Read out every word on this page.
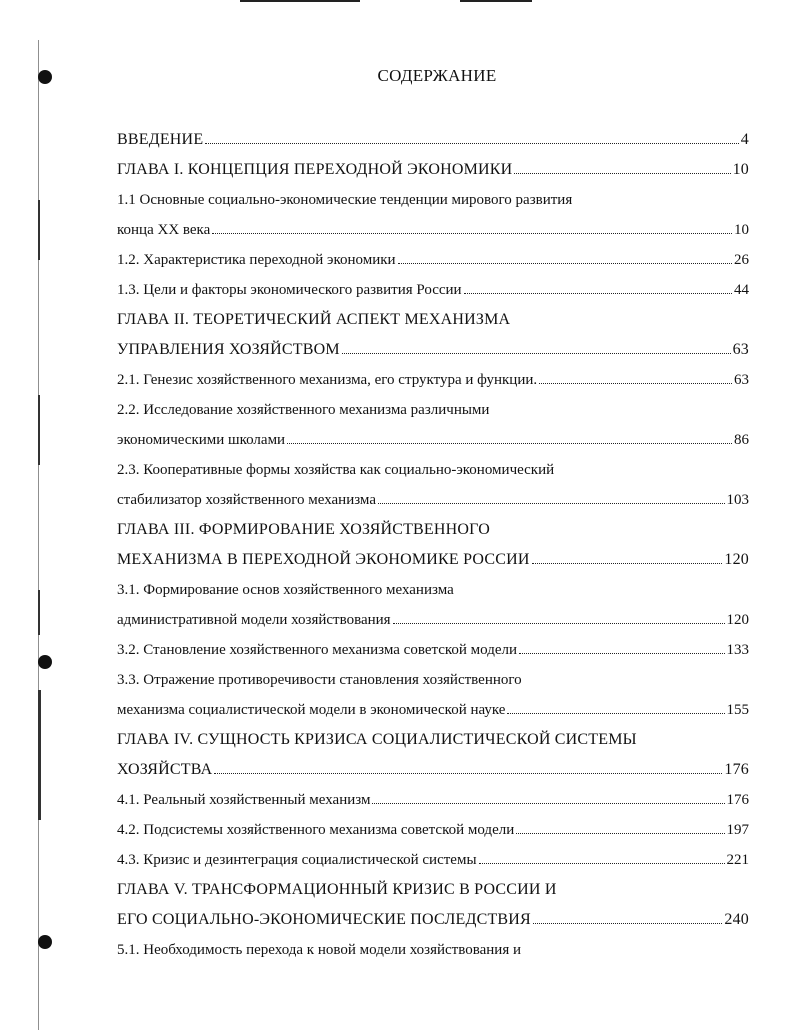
СОДЕРЖАНИЕ
ВВЕДЕНИЕ	4
ГЛАВА I. КОНЦЕПЦИЯ ПЕРЕХОДНОЙ ЭКОНОМИКИ	10
1.1 Основные социально-экономические тенденции мирового развития
конца XX века	10
1.2. Характеристика переходной экономики	26
1.3. Цели и факторы экономического развития России	44
ГЛАВА II. ТЕОРЕТИЧЕСКИЙ АСПЕКТ МЕХАНИЗМА
УПРАВЛЕНИЯ ХОЗЯЙСТВОМ	63
2.1. Генезис хозяйственного механизма, его структура и функции.	63
2.2. Исследование хозяйственного механизма различными
экономическими школами	86
2.3. Кооперативные формы хозяйства как социально-экономический
стабилизатор хозяйственного механизма	103
ГЛАВА III. ФОРМИРОВАНИЕ ХОЗЯЙСТВЕННОГО
МЕХАНИЗМА В ПЕРЕХОДНОЙ ЭКОНОМИКЕ РОССИИ	120
3.1. Формирование основ хозяйственного механизма
административной модели хозяйствования	120
3.2. Становление хозяйственного механизма советской модели	133
3.3. Отражение противоречивости становления хозяйственного
механизма социалистической модели в экономической науке	155
ГЛАВА IV. СУЩНОСТЬ КРИЗИСА СОЦИАЛИСТИЧЕСКОЙ СИСТЕМЫ
ХОЗЯЙСТВА	176
4.1. Реальный хозяйственный механизм	176
4.2. Подсистемы хозяйственного механизма советской модели	197
4.3. Кризис и дезинтеграция социалистической системы	221
ГЛАВА V. ТРАНСФОРМАЦИОННЫЙ КРИЗИС В РОССИИ И
ЕГО СОЦИАЛЬНО-ЭКОНОМИЧЕСКИЕ ПОСЛЕДСТВИЯ	240
5.1. Необходимость перехода к новой модели хозяйствования и
